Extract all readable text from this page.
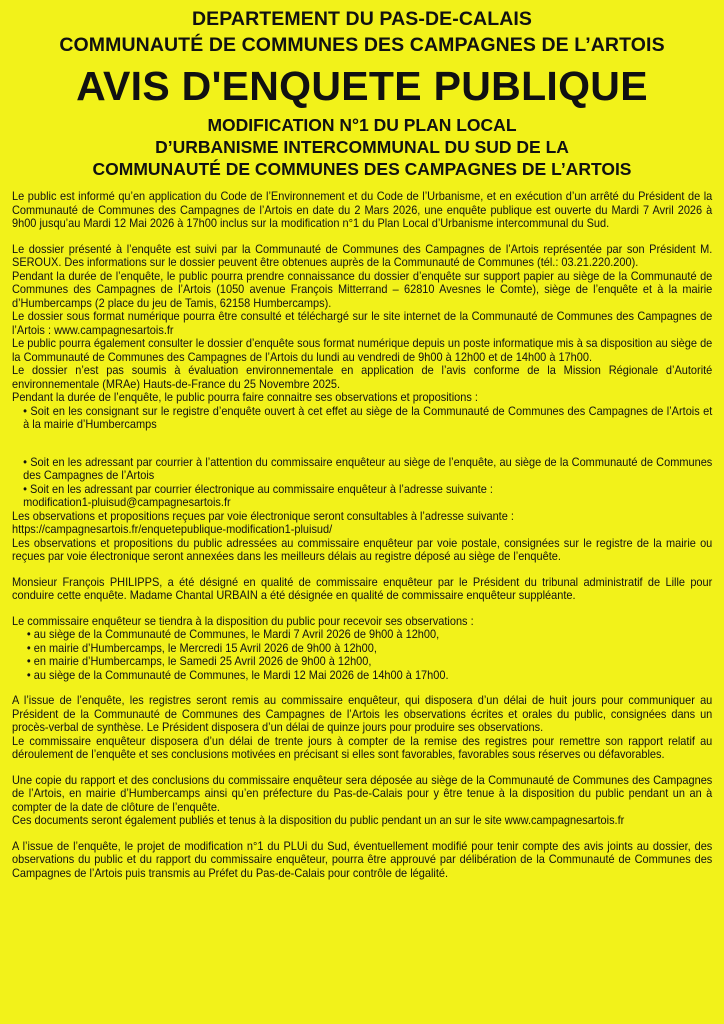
DEPARTEMENT DU PAS-DE-CALAIS
COMMUNAUTÉ DE COMMUNES DES CAMPAGNES DE L’ARTOIS
AVIS D'ENQUETE PUBLIQUE
MODIFICATION N°1 DU PLAN LOCAL
D’URBANISME INTERCOMMUNAL DU SUD DE LA
COMMUNAUTÉ DE COMMUNES DES CAMPAGNES DE L’ARTOIS

Le public est informé qu’en application du Code de l’Environnement et du Code de l’Urbanisme, et en exécution d’un arrêté du Président de la Communauté de Communes des Campagnes de l’Artois en date du 2 Mars 2026, une enquête publique est ouverte du Mardi 7 Avril 2026 à 9h00 jusqu’au Mardi 12 Mai 2026 à 17h00 inclus sur la modification n°1 du Plan Local d’Urbanisme intercommunal du Sud.

Le dossier présenté à l’enquête est suivi par la Communauté de Communes des Campagnes de l’Artois représentée par son Président M. SEROUX. Des informations sur le dossier peuvent être obtenues auprès de la Communauté de Communes (tél.: 03.21.220.200).

Pendant la durée de l’enquête, le public pourra prendre connaissance du dossier d’enquête sur support papier au siège de la Communauté de Communes des Campagnes de l’Artois (1050 avenue François Mitterrand – 62810 Avesnes le Comte), siège de l’enquête et à la mairie d’Humbercamps (2 place du jeu de Tamis, 62158 Humbercamps).

Le dossier sous format numérique pourra être consulté et téléchargé sur le site internet de la Communauté de Communes des Campagnes de l’Artois : www.campagnesartois.fr

Le public pourra également consulter le dossier d’enquête sous format numérique depuis un poste informatique mis à sa disposition au siège de la Communauté de Communes des Campagnes de l’Artois du lundi au vendredi de 9h00 à 12h00 et de 14h00 à 17h00.

Le dossier n’est pas soumis à évaluation environnementale en application de l’avis conforme de la Mission Régionale d’Autorité environnementale (MRAe) Hauts-de-France du 25 Novembre 2025.

Pendant la durée de l’enquête, le public pourra faire connaitre ses observations et propositions :

• Soit en les consignant sur le registre d’enquête ouvert à cet effet au siège de la Communauté de Communes des Campagnes de l’Artois et à la mairie d’Humbercamps

• Soit en les adressant par courrier à l’attention du commissaire enquêteur au siège de l’enquête, au siège de la Communauté de Communes des Campagnes de l’Artois

• Soit en les adressant par courrier électronique au commissaire enquêteur à l’adresse suivante :

modification1-pluisud@campagnesartois.fr

Les observations et propositions reçues par voie électronique seront consultables à l’adresse suivante :

https://campagnesartois.fr/enquetepublique-modification1-pluisud/

Les observations et propositions du public adressées au commissaire enquêteur par voie postale, consignées sur le registre de la mairie ou reçues par voie électronique seront annexées dans les meilleurs délais au registre déposé au siège de l’enquête.

Monsieur François PHILIPPS, a été désigné en qualité de commissaire enquêteur par le Président du tribunal administratif de Lille pour conduire cette enquête. Madame Chantal URBAIN a été désignée en qualité de commissaire enquêteur suppléante.

Le commissaire enquêteur se tiendra à la disposition du public pour recevoir ses observations :

• au siège de la Communauté de Communes, le Mardi 7 Avril 2026 de 9h00 à 12h00,

• en mairie d’Humbercamps, le Mercredi 15 Avril 2026 de 9h00 à 12h00,

• en mairie d’Humbercamps, le Samedi 25 Avril 2026 de 9h00 à 12h00,

• au siège de la Communauté de Communes, le Mardi 12 Mai 2026 de 14h00 à 17h00.

A l’issue de l’enquête, les registres seront remis au commissaire enquêteur, qui disposera d’un délai de huit jours pour communiquer au Président de la Communauté de Communes des Campagnes de l’Artois les observations écrites et orales du public, consignées dans un procès-verbal de synthèse. Le Président disposera d’un délai de quinze jours pour produire ses observations.

Le commissaire enquêteur disposera d’un délai de trente jours à compter de la remise des registres pour remettre son rapport relatif au déroulement de l’enquête et ses conclusions motivées en précisant si elles sont favorables, favorables sous réserves ou défavorables.

Une copie du rapport et des conclusions du commissaire enquêteur sera déposée au siège de la Communauté de Communes des Campagnes de l’Artois, en mairie d’Humbercamps ainsi qu’en préfecture du Pas-de-Calais pour y être tenue à la disposition du public pendant un an à compter de la date de clôture de l’enquête.

Ces documents seront également publiés et tenus à la disposition du public pendant un an sur le site www.campagnesartois.fr

A l’issue de l’enquête, le projet de modification n°1 du PLUi du Sud, éventuellement modifié pour tenir compte des avis joints au dossier, des observations du public et du rapport du commissaire enquêteur, pourra être approuvé par délibération de la Communauté de Communes des Campagnes de l’Artois puis transmis au Préfet du Pas-de-Calais pour contrôle de légalité.
